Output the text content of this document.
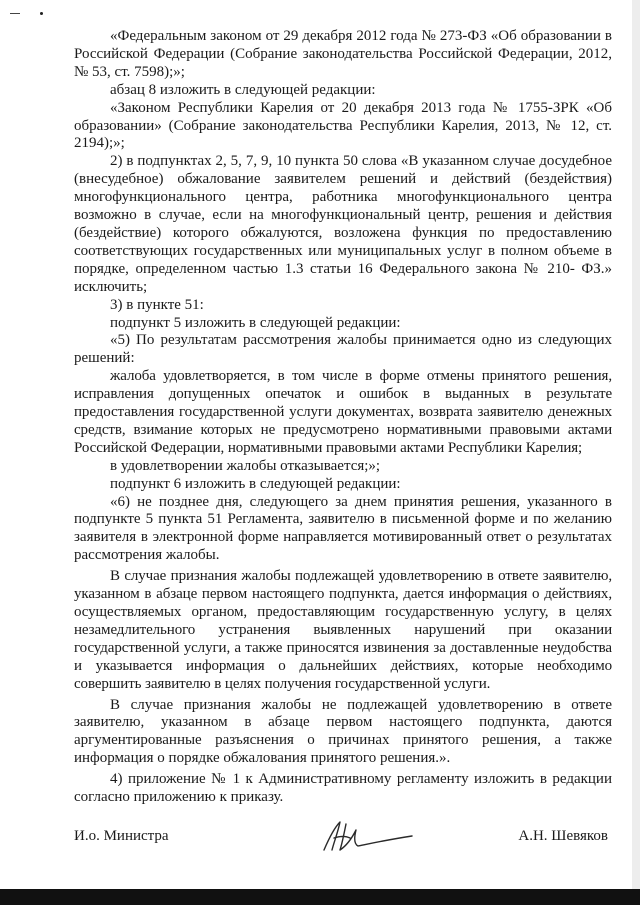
«Федеральным законом от 29 декабря 2012 года № 273-ФЗ «Об образовании в Российской Федерации (Собрание законодательства Российской Федерации, 2012, № 53, ст. 7598);»;

абзац 8 изложить в следующей редакции:

«Законом Республики Карелия от 20 декабря 2013 года № 1755-ЗРК «Об образовании» (Собрание законодательства Республики Карелия, 2013, № 12, ст. 2194);»;

2) в подпунктах 2, 5, 7, 9, 10 пункта 50 слова «В указанном случае досудебное (внесудебное) обжалование заявителем решений и действий (бездействия) многофункционального центра, работника многофункционального центра возможно в случае, если на многофункциональный центр, решения и действия (бездействие) которого обжалуются, возложена функция по предоставлению соответствующих государственных или муниципальных услуг в полном объеме в порядке, определенном частью 1.3 статьи 16 Федерального закона № 210- ФЗ.» исключить;

3) в пункте 51:

подпункт 5 изложить в следующей редакции:

«5) По результатам рассмотрения жалобы принимается одно из следующих решений:

жалоба удовлетворяется, в том числе в форме отмены принятого решения, исправления допущенных опечаток и ошибок в выданных в результате предоставления государственной услуги документах, возврата заявителю денежных средств, взимание которых не предусмотрено нормативными правовыми актами Российской Федерации, нормативными правовыми актами Республики Карелия;

в удовлетворении жалобы отказывается;»;

подпункт 6 изложить в следующей редакции:

«6) не позднее дня, следующего за днем принятия решения, указанного в подпункте 5 пункта 51 Регламента, заявителю в письменной форме и по желанию заявителя в электронной форме направляется мотивированный ответ о результатах рассмотрения жалобы.

В случае признания жалобы подлежащей удовлетворению в ответе заявителю, указанном в абзаце первом настоящего подпункта, дается информация о действиях, осуществляемых органом, предоставляющим государственную услугу, в целях незамедлительного устранения выявленных нарушений при оказании государственной услуги, а также приносятся извинения за доставленные неудобства и указывается информация о дальнейших действиях, которые необходимо совершить заявителю в целях получения государственной услуги.

В случае признания жалобы не подлежащей удовлетворению в ответе заявителю, указанном в абзаце первом настоящего подпункта, даются аргументированные разъяснения о причинах принятого решения, а также информация о порядке обжалования принятого решения.».

4) приложение № 1 к Административному регламенту изложить в редакции согласно приложению к приказу.

И.о. Министра	А.Н. Шевяков
